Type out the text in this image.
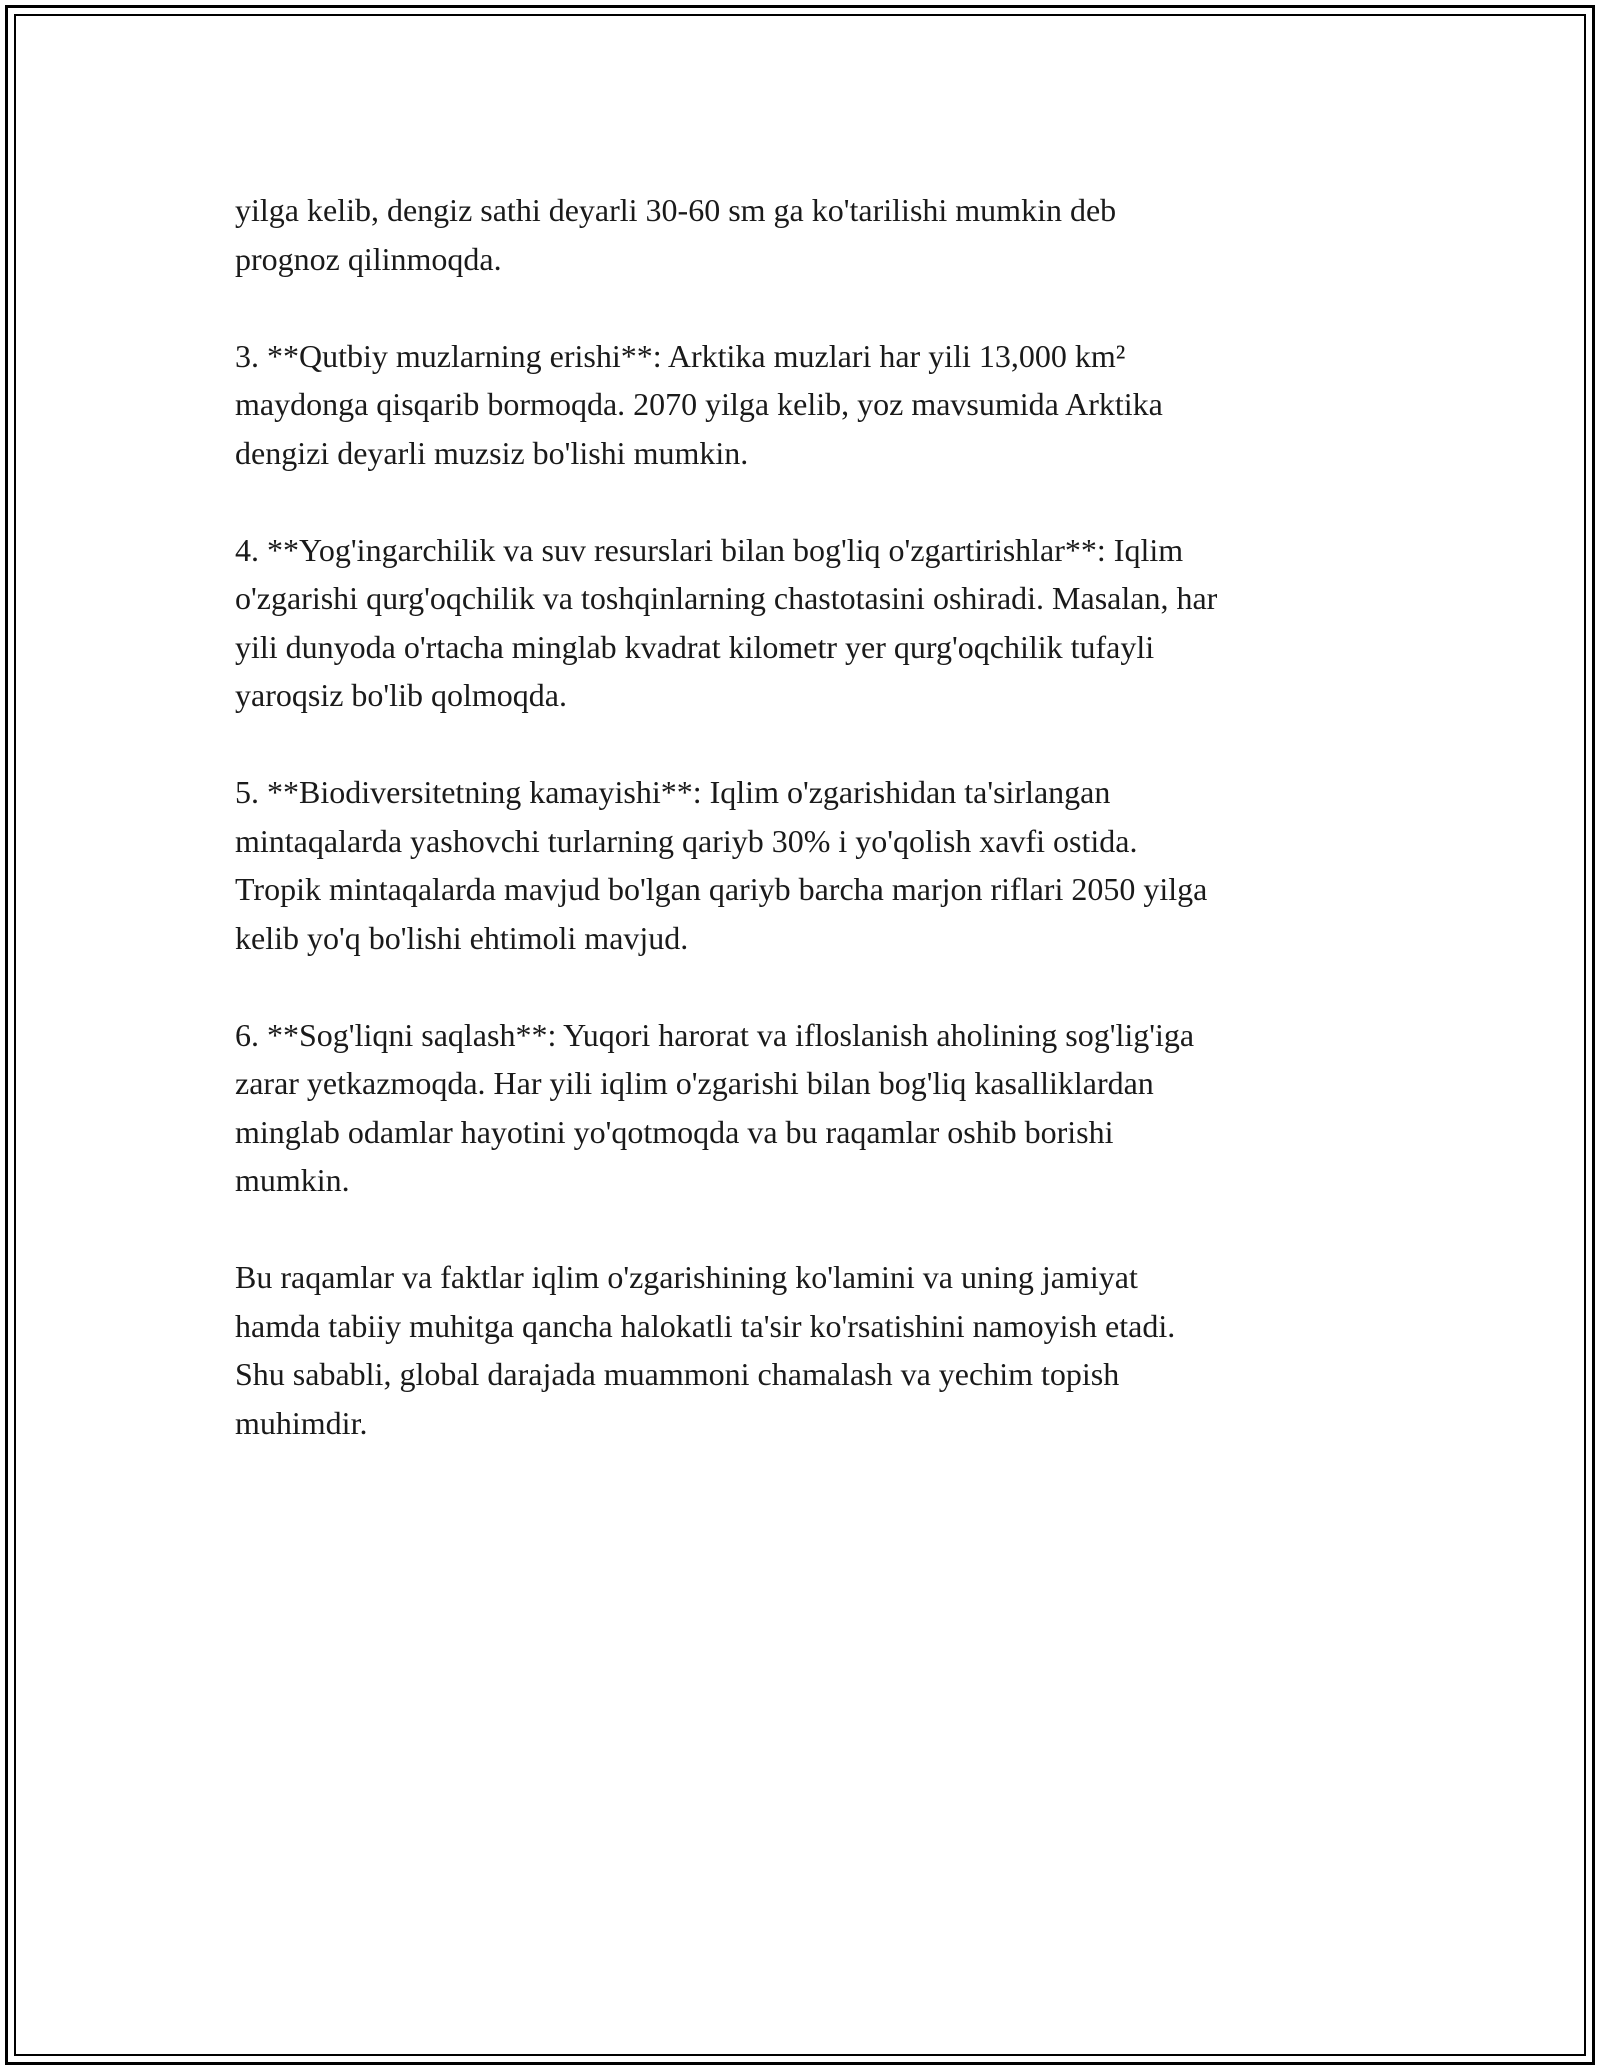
yilga kelib, dengiz sathi deyarli 30-60 sm ga ko'tarilishi mumkin deb
prognoz qilinmoqda.

3. **Qutbiy muzlarning erishi**: Arktika muzlari har yili 13,000 km²
maydonga qisqarib bormoqda. 2070 yilga kelib, yoz mavsumida Arktika
dengizi deyarli muzsiz bo'lishi mumkin.

4. **Yog'ingarchilik va suv resurslari bilan bog'liq o'zgartirishlar**: Iqlim
o'zgarishi qurg'oqchilik va toshqinlarning chastotasini oshiradi. Masalan, har
yili dunyoda o'rtacha minglab kvadrat kilometr yer qurg'oqchilik tufayli
yaroqsiz bo'lib qolmoqda.

5. **Biodiversitetning kamayishi**: Iqlim o'zgarishidan ta'sirlangan
mintaqalarda yashovchi turlarning qariyb 30% i yo'qolish xavfi ostida.
Tropik mintaqalarda mavjud bo'lgan qariyb barcha marjon riflari 2050 yilga
kelib yo'q bo'lishi ehtimoli mavjud.

6. **Sog'liqni saqlash**: Yuqori harorat va ifloslanish aholining sog'lig'iga
zarar yetkazmoqda. Har yili iqlim o'zgarishi bilan bog'liq kasalliklardan
minglab odamlar hayotini yo'qotmoqda va bu raqamlar oshib borishi
mumkin.

Bu raqamlar va faktlar iqlim o'zgarishining ko'lamini va uning jamiyat
hamda tabiiy muhitga qancha halokatli ta'sir ko'rsatishini namoyish etadi.
Shu sababli, global darajada muammoni chamalash va yechim topish
muhimdir.
